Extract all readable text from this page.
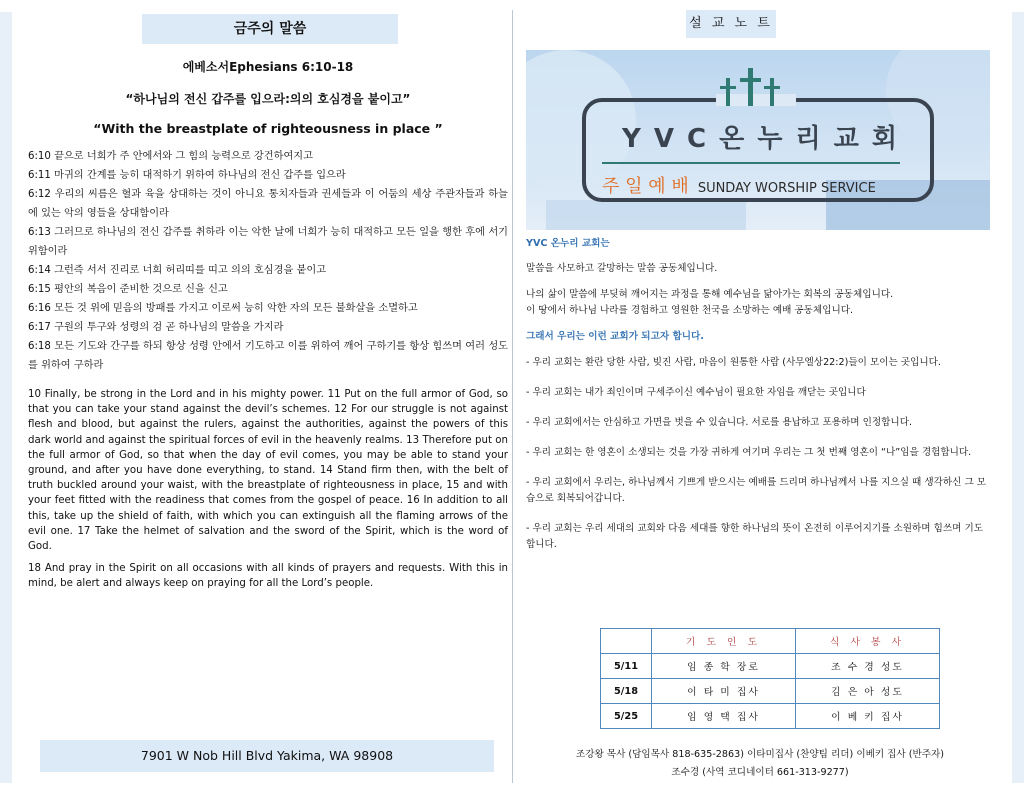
금주의 말씀
에베소서Ephesians 6:10-18
“하나님의 전신 갑주를 입으라:의의 호심경을 붙이고”
“With the breastplate of righteousness in place ”
6:10 끝으로 너희가 주 안에서와 그 힘의 능력으로 강건하여지고
6:11 마귀의 간계를 능히 대적하기 위하여 하나님의 전신 갑주를 입으라
6:12 우리의 씨름은 혈과 육을 상대하는 것이 아니요 통치자들과 권세들과 이 어둠의 세상 주관자들과 하늘에 있는 악의 영들을 상대함이라
6:13 그러므로 하나님의 전신 갑주를 취하라 이는 악한 날에 너희가 능히 대적하고 모든 일을 행한 후에 서기 위함이라
6:14 그런즉 서서 진리로 너희 허리띠를 띠고 의의 호심경을 붙이고
6:15 평안의 복음이 준비한 것으로 신을 신고
6:16 모든 것 위에 믿음의 방패를 가지고 이로써 능히 악한 자의 모든 불화살을 소멸하고
6:17 구원의 투구와 성령의 검 곧 하나님의 말씀을 가지라
6:18 모든 기도와 간구를 하되 항상 성령 안에서 기도하고 이를 위하여 깨어 구하기를 항상 힘쓰며 여러 성도를 위하여 구하라

10 Finally, be strong in the Lord and in his mighty power. 11 Put on the full armor of God, so that you can take your stand against the devil’s schemes. 12 For our struggle is not against flesh and blood, but against the rulers, against the authorities, against the powers of this dark world and against the spiritual forces of evil in the heavenly realms. 13 Therefore put on the full armor of God, so that when the day of evil comes, you may be able to stand your ground, and after you have done everything, to stand. 14 Stand firm then, with the belt of truth buckled around your waist, with the breastplate of righteousness in place, 15 and with your feet fitted with the readiness that comes from the gospel of peace. 16 In addition to all this, take up the shield of faith, with which you can extinguish all the flaming arrows of the evil one. 17 Take the helmet of salvation and the sword of the Spirit, which is the word of God.

18 And pray in the Spirit on all occasions with all kinds of prayers and requests. With this in mind, be alert and always keep on praying for all the Lord’s people.

7901 W Nob Hill Blvd Yakima, WA 98908
설 교 노 트
Y V C 온 누 리 교 회
주 일 예 배 SUNDAY WORSHIP SERVICE

YVC 온누리 교회는

말씀을 사모하고 갈망하는 말씀 공동체입니다.

나의 삶이 말씀에 부딪혀 깨어지는 과정을 통해 예수님을 닮아가는 회복의 공동체입니다.

이 땅에서 하나님 나라를 경험하고 영원한 천국을 소망하는 예배 공동체입니다.

그래서 우리는 이런 교회가 되고자 합니다.

- 우리 교회는 환란 당한 사람, 빚진 사람, 마음이 원통한 사람 (사무엘상22:2)들이 모이는 곳입니다.

- 우리 교회는 내가 죄인이며 구세주이신 예수님이 필요한 자임을 깨닫는 곳입니다

- 우리 교회에서는 안심하고 가면을 벗을 수 있습니다. 서로를 용납하고 포용하며 인정합니다.

- 우리 교회는 한 영혼이 소생되는 것을 가장 귀하게 여기며 우리는 그 첫 번째 영혼이 “나”임을 경험합니다.

- 우리 교회에서 우리는, 하나님께서 기쁘게 받으시는 예배를 드리며 하나님께서 나를 지으실 때 생각하신 그 모습으로 회복되어갑니다.

- 우리 교회는 우리 세대의 교회와 다음 세대를 향한 하나님의 뜻이 온전히 이루어지기를 소원하며 힘쓰며 기도합니다.

	기 도 인 도	식 사 봉 사
5/11	임 종 학 장로	조 수 경 성도
5/18	이 타 미 집사	김 은 아 성도
5/25	임 영 택 집사	이 베 키 집사
조강왕 목사 (담임목사 818-635-2863) 이타미집사 (찬양팀 리더) 이베키 집사 (반주자)
조수경 (사역 코디네이터 661-313-9277)
